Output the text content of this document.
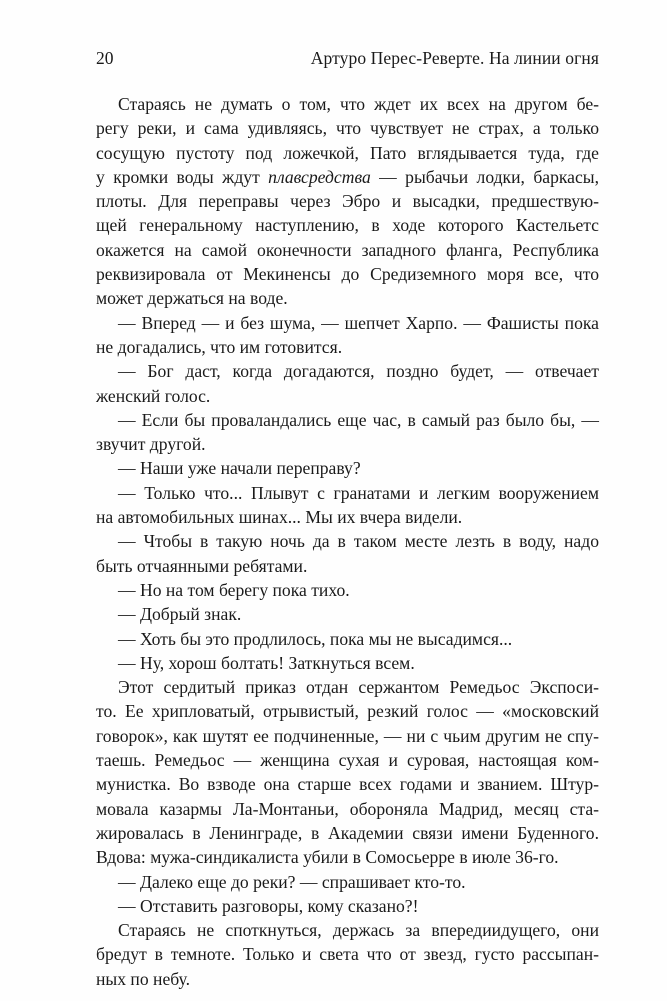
20	Артуро Перес-Реверте. На линии огня
Стараясь не думать о том, что ждет их всех на другом бе-
регу реки, и сама удивляясь, что чувствует не страх, а только
сосущую пустоту под ложечкой, Пато вглядывается туда, где
у кромки воды ждут плавсредства — рыбачьи лодки, баркасы,
плоты. Для переправы через Эбро и высадки, предшествую-
щей генеральному наступлению, в ходе которого Кастельетс
окажется на самой оконечности западного фланга, Республика
реквизировала от Мекиненсы до Средиземного моря все, что
может держаться на воде.
— Вперед — и без шума, — шепчет Харпо. — Фашисты пока
не догадались, что им готовится.
— Бог даст, когда догадаются, поздно будет, — отвечает
женский голос.
— Если бы проваландались еще час, в самый раз было бы, —
звучит другой.
— Наши уже начали переправу?
— Только что... Плывут с гранатами и легким вооружением
на автомобильных шинах... Мы их вчера видели.
— Чтобы в такую ночь да в таком месте лезть в воду, надо
быть отчаянными ребятами.
— Но на том берегу пока тихо.
— Добрый знак.
— Хоть бы это продлилось, пока мы не высадимся...
— Ну, хорош болтать! Заткнуться всем.
Этот сердитый приказ отдан сержантом Ремедьос Экспоси-
то. Ее хрипловатый, отрывистый, резкий голос — «московский
говорок», как шутят ее подчиненные, — ни с чьим другим не спу-
таешь. Ремедьос — женщина сухая и суровая, настоящая ком-
мунистка. Во взводе она старше всех годами и званием. Штур-
мовала казармы Ла-Монтаньи, обороняла Мадрид, месяц ста-
жировалась в Ленинграде, в Академии связи имени Буденного.
Вдова: мужа-синдикалиста убили в Сомосьерре в июле 36-го.
— Далеко еще до реки? — спрашивает кто-то.
— Отставить разговоры, кому сказано?!
Стараясь не споткнуться, держась за впередиидущего, они
бредут в темноте. Только и света что от звезд, густо рассыпан-
ных по небу.
